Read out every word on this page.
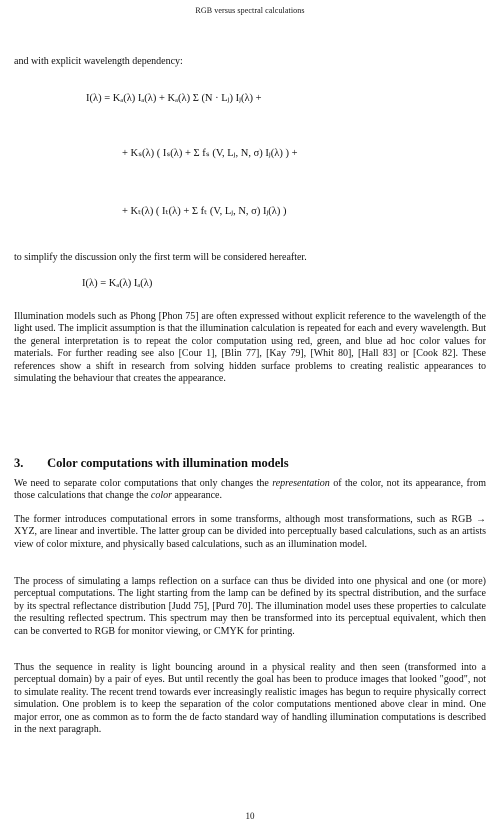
RGB versus spectral calculations
and with explicit wavelength dependency:
I(λ) = Kₐ(λ) Iₐ(λ) + Kₐ(λ) Σ (N · Lⱼ) Iⱼ(λ) +
+ Kₛ(λ) ( Iₛ(λ) + Σ fₛ (V, Lⱼ, N, σ) Iⱼ(λ) ) +
+ Kₜ(λ) ( Iₜ(λ) + Σ fₜ (V, Lⱼ, N, σ) Iⱼ(λ) )
to simplify the discussion only the first term will be considered hereafter.
I(λ) = Kₐ(λ) Iₐ(λ)
Illumination models such as Phong [Phon 75] are often expressed without explicit reference to the wavelength of the light used. The implicit assumption is that the illumination calculation is repeated for each and every wavelength. But the general interpretation is to repeat the color computation using red, green, and blue ad hoc color values for materials. For further reading see also [Cour 1], [Blin 77], [Kay 79], [Whit 80], [Hall 83] or [Cook 82]. These references show a shift in research from solving hidden surface problems to creating realistic appearances to simulating the behaviour that creates the appearance.
3. Color computations with illumination models
We need to separate color computations that only changes the representation of the color, not its appearance, from those calculations that change the color appearance.
The former introduces computational errors in some transforms, although most transformations, such as RGB → XYZ, are linear and invertible. The latter group can be divided into perceptually based calculations, such as an artists view of color mixture, and physically based calculations, such as an illumination model.
The process of simulating a lamps reflection on a surface can thus be divided into one physical and one (or more) perceptual computations. The light starting from the lamp can be defined by its spectral distribution, and the surface by its spectral reflectance distribution [Judd 75], [Purd 70]. The illumination model uses these properties to calculate the resulting reflected spectrum. This spectrum may then be transformed into its perceptual equivalent, which then can be converted to RGB for monitor viewing, or CMYK for printing.
Thus the sequence in reality is light bouncing around in a physical reality and then seen (transformed into a perceptual domain) by a pair of eyes. But until recently the goal has been to produce images that looked "good", not to simulate reality. The recent trend towards ever increasingly realistic images has begun to require physically correct simulation. One problem is to keep the separation of the color computations mentioned above clear in mind. One major error, one as common as to form the de facto standard way of handling illumination computations is described in the next paragraph.
10
